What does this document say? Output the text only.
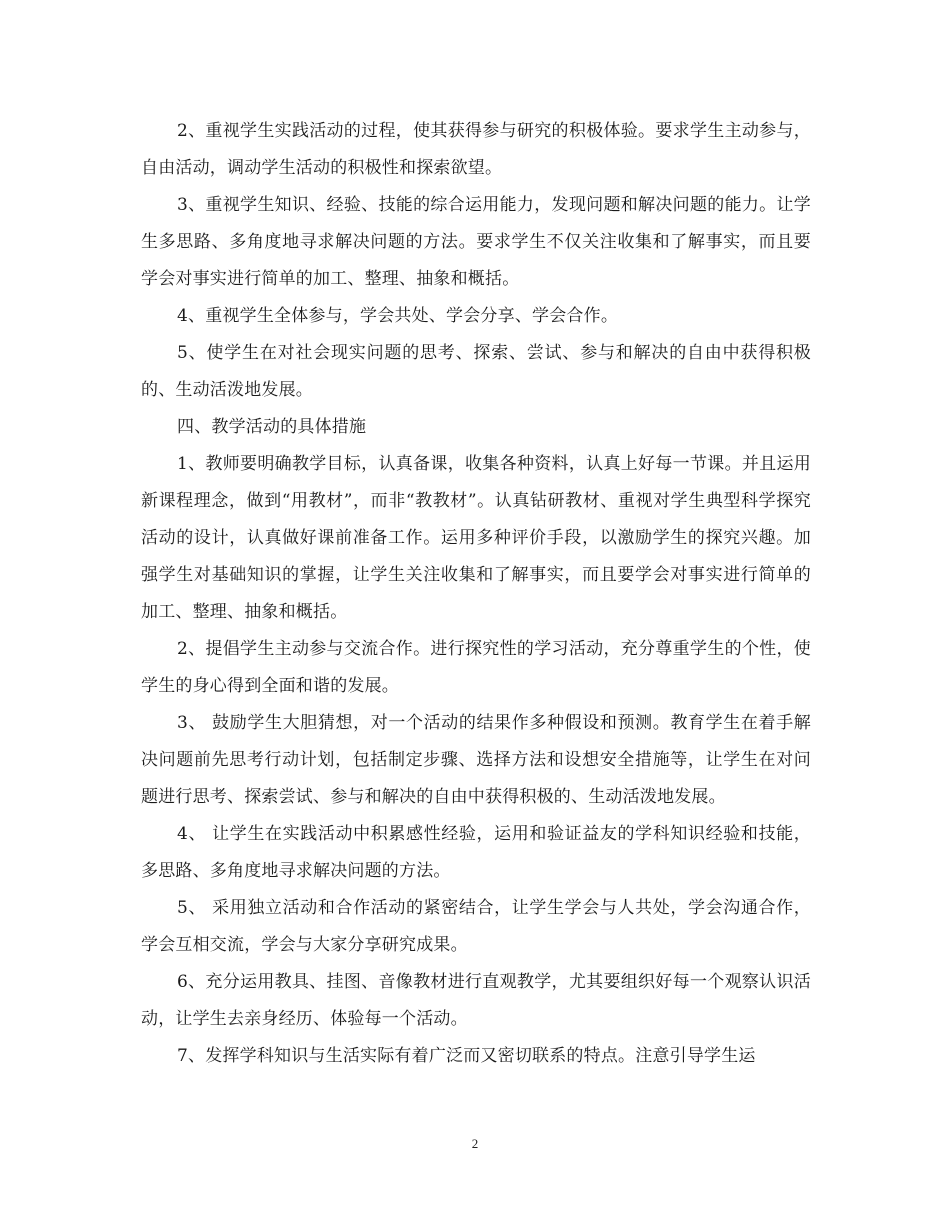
2、重视学生实践活动的过程，使其获得参与研究的积极体验。要求学生主动参与，自由活动，调动学生活动的积极性和探索欲望。

3、重视学生知识、经验、技能的综合运用能力，发现问题和解决问题的能力。让学生多思路、多角度地寻求解决问题的方法。要求学生不仅关注收集和了解事实，而且要学会对事实进行简单的加工、整理、抽象和概括。

4、重视学生全体参与，学会共处、学会分享、学会合作。

5、使学生在对社会现实问题的思考、探索、尝试、参与和解决的自由中获得积极的、生动活泼地发展。

四、教学活动的具体措施

1、教师要明确教学目标，认真备课，收集各种资料，认真上好每一节课。并且运用新课程理念，做到“用教材”，而非“教教材”。认真钻研教材、重视对学生典型科学探究活动的设计，认真做好课前准备工作。运用多种评价手段，以激励学生的探究兴趣。加强学生对基础知识的掌握，让学生关注收集和了解事实，而且要学会对事实进行简单的加工、整理、抽象和概括。

2、提倡学生主动参与交流合作。进行探究性的学习活动，充分尊重学生的个性，使学生的身心得到全面和谐的发展。

3、 鼓励学生大胆猜想，对一个活动的结果作多种假设和预测。教育学生在着手解决问题前先思考行动计划，包括制定步骤、选择方法和设想安全措施等，让学生在对问题进行思考、探索尝试、参与和解决的自由中获得积极的、生动活泼地发展。

4、 让学生在实践活动中积累感性经验，运用和验证益友的学科知识经验和技能，多思路、多角度地寻求解决问题的方法。

5、 采用独立活动和合作活动的紧密结合，让学生学会与人共处，学会沟通合作，学会互相交流，学会与大家分享研究成果。

6、充分运用教具、挂图、音像教材进行直观教学，尤其要组织好每一个观察认识活动，让学生去亲身经历、体验每一个活动。

7、发挥学科知识与生活实际有着广泛而又密切联系的特点。注意引导学生运

2
